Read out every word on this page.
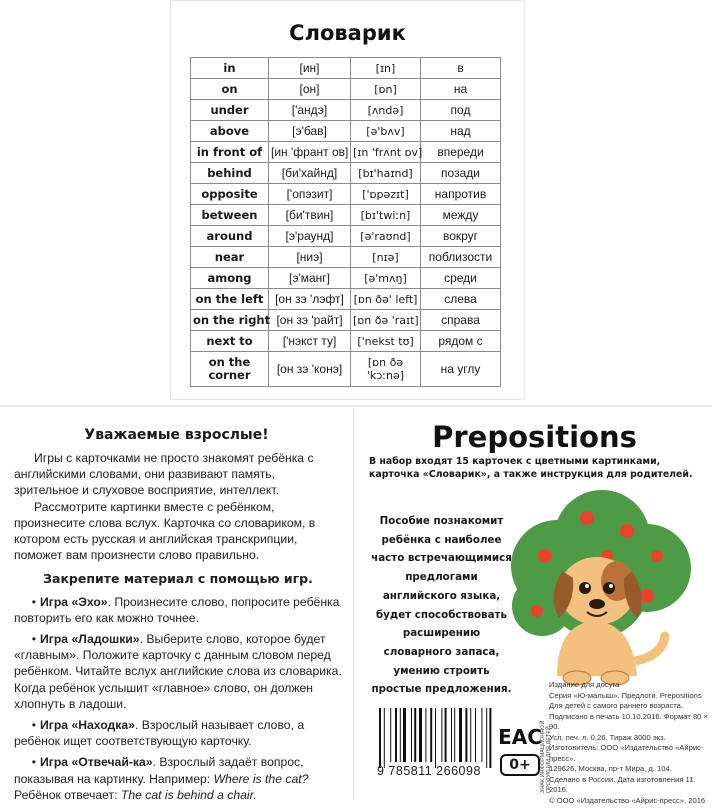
Словарик
in	[ин]	[ɪn]	в
on	[он]	[ɒn]	на
under	['андэ]	[ʌndə]	под
above	[э'бав]	[ə'bʌv]	над
in front of	[ин 'франт ов]	[ɪn 'frʌnt ɒv]	впереди
behind	[би'хайнд]	[bɪ'haɪnd]	позади
opposite	['опэзит]	['ɒpəzɪt]	напротив
between	[би'твин]	[bɪ'twiːn]	между
around	[э'раунд]	[ə'raʊnd]	вокруг
near	[ниэ]	[nɪə]	поблизости
among	[э'манг]	[ə'mʌŋ]	среди
on the left	[он зэ 'лэфт]	[ɒn ðə' left]	слева
on the right	[он зэ 'райт]	[ɒn ðə 'raɪt]	справа
next to	['нэкст ту]	['nekst tʊ]	рядом с
on the corner	[он зэ 'конэ]	[ɒn ðə 'kɔːnə]	на углу
Уважаемые взрослые!

Игры с карточками не просто знакомят ребёнка с английскими словами, они развивают память, зрительное и слуховое восприятие, интеллект.

Рассмотрите картинки вместе с ребёнком, произнесите слова вслух. Карточка со словариком, в котором есть русская и английская транскрипции, поможет вам произнести слово правильно.

Закрепите материал с помощью игр.
• Игра «Эхо». Произнесите слово, попросите ребёнка повторить его как можно точнее.
• Игра «Ладошки». Выберите слово, которое будет «главным». Положите карточку с данным словом перед ребёнком. Читайте вслух английские слова из словарика. Когда ребёнок услышит «главное» слово, он должен хлопнуть в ладоши.
• Игра «Находка». Взрослый называет слово, а ребёнок ищет соответствующую карточку.
• Игра «Отвечай-ка». Взрослый задаёт вопрос, показывая на картинку. Например: Where is the cat? Ребёнок отвечает: The cat is behind a chair.
Prepositions
В набор входят 15 карточек с цветными картинками, карточка «Словарик», а также инструкция для родителей.
Пособие познакомит ребёнка с наиболее часто встречающимися предлогами английского языка, будет способствовать расширению словарного запаса, умению строить простые предложения.	Издание для досуга
Серия «Ю-малыш». Предлоги. Prepositions
Для детей с самого раннего возраста.
Подписано в печать 10.10.2016. Формат 80 × 90.
Усл. печ. л. 0,26. Тираж 3000 экз.
Изготовитель: ООО «Издательство «Айрис-пресс».
129626, Москва, пр-т Мира, д. 104.
Сделано в России. Дата изготовления 11. 2016.
© ООО «Издательство «Айрис-пресс», 2016
9 785811 266098	ЗНАК ИНФОРМАЦИОННОЙ ПРОДУКЦИИ ДЛЯ ДЕТЕЙ
EAC
0+
